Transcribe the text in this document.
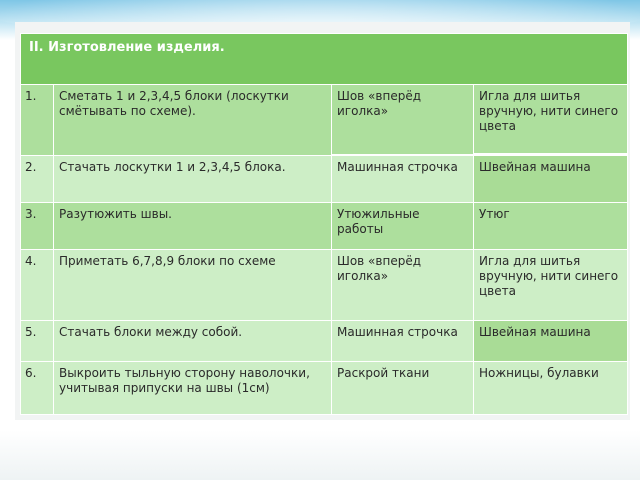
II. Изготовление изделия.			
1.	Сметать 1 и 2,3,4,5 блоки (лоскутки смётывать по схеме).	Шов «вперёд иголка»	Игла для шитья вручную, нити синего цвета

2.	Стачать лоскутки 1 и 2,3,4,5 блока.	Машинная строчка	Швейная машина
3.	Разутюжить швы.	Утюжильные работы	Утюг
4.	Приметать 6,7,8,9 блоки по схеме	Шов «вперёд иголка»	Игла для шитья вручную, нити синего цвета
5.	Стачать блоки между собой.	Машинная строчка	Швейная машина
6.	Выкроить тыльную сторону наволочки, учитывая припуски на швы (1см)	Раскрой ткани	Ножницы, булавки
